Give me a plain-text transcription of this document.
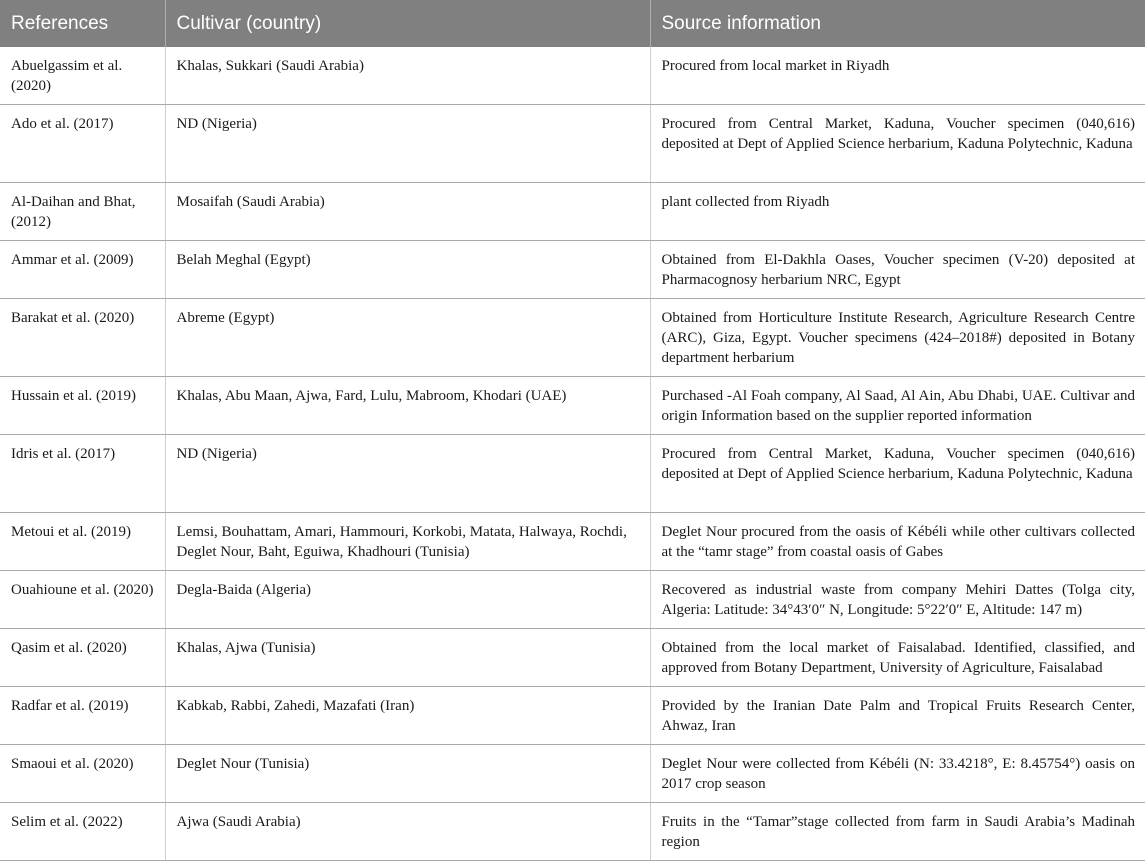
References	Cultivar (country)	Source information
Abuelgassim et al. (2020)	Khalas, Sukkari (Saudi Arabia)	Procured from local market in Riyadh
Ado et al. (2017)	ND (Nigeria)	Procured from Central Market, Kaduna, Voucher specimen (040,616) deposited at Dept of Applied Science herbarium, Kaduna Polytechnic, Kaduna
Al-Daihan and Bhat, (2012)	Mosaifah (Saudi Arabia)	plant collected from Riyadh
Ammar et al. (2009)	Belah Meghal (Egypt)	Obtained from El-Dakhla Oases, Voucher specimen (V-20) deposited at Pharmacognosy herbarium NRC, Egypt
Barakat et al. (2020)	Abreme (Egypt)	Obtained from Horticulture Institute Research, Agriculture Research Centre (ARC), Giza, Egypt. Voucher specimens (424–2018#) deposited in Botany department herbarium
Hussain et al. (2019)	Khalas, Abu Maan, Ajwa, Fard, Lulu, Mabroom, Khodari (UAE)	Purchased -Al Foah company, Al Saad, Al Ain, Abu Dhabi, UAE. Cultivar and origin Information based on the supplier reported information
Idris et al. (2017)	ND (Nigeria)	Procured from Central Market, Kaduna, Voucher specimen (040,616) deposited at Dept of Applied Science herbarium, Kaduna Polytechnic, Kaduna
Metoui et al. (2019)	Lemsi, Bouhattam, Amari, Hammouri, Korkobi, Matata, Halwaya, Rochdi, Deglet Nour, Baht, Eguiwa, Khadhouri (Tunisia)	Deglet Nour procured from the oasis of Kébéli while other cultivars collected at the “tamr stage” from coastal oasis of Gabes
Ouahioune et al. (2020)	Degla-Baida (Algeria)	Recovered as industrial waste from company Mehiri Dattes (Tolga city, Algeria: Latitude: 34°43′0″ N, Longitude: 5°22′0″ E, Altitude: 147 m)
Qasim et al. (2020)	Khalas, Ajwa (Tunisia)	Obtained from the local market of Faisalabad. Identified, classified, and approved from Botany Department, University of Agriculture, Faisalabad
Radfar et al. (2019)	Kabkab, Rabbi, Zahedi, Mazafati (Iran)	Provided by the Iranian Date Palm and Tropical Fruits Research Center, Ahwaz, Iran
Smaoui et al. (2020)	Deglet Nour (Tunisia)	Deglet Nour were collected from Kébéli (N: 33.4218°, E: 8.45754°) oasis on 2017 crop season
Selim et al. (2022)	Ajwa (Saudi Arabia)	Fruits in the “Tamar”stage collected from farm in Saudi Arabia’s Madinah region
